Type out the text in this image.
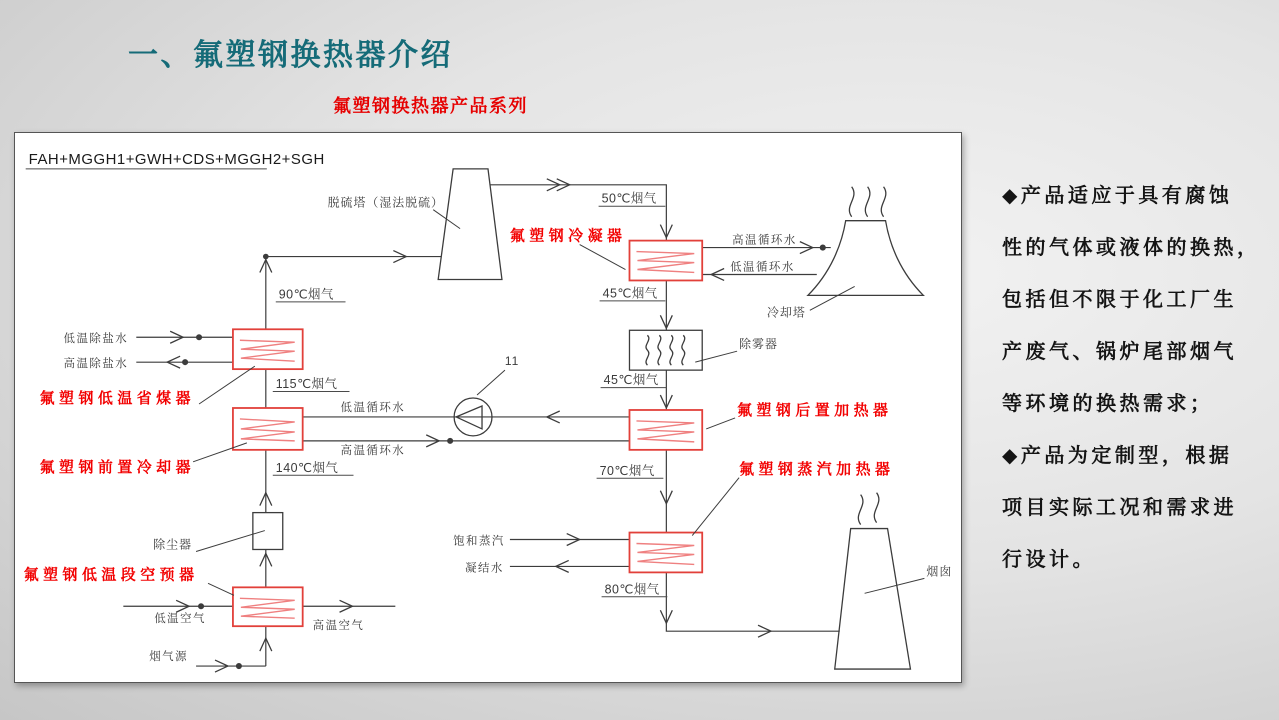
一、氟塑钢换热器介绍
氟塑钢换热器产品系列
FAH+MGGH1+GWH+CDS+MGGH2+SGH
脱硫塔（湿法脱硫）
冷却塔
氟塑钢冷凝器
除雾器
氟塑钢后置加热器
氟塑钢蒸汽加热器
氟塑钢低温省煤器
氟塑钢前置冷却器
除尘器
氟塑钢低温段空预器	烟囱
11
50℃烟气
90℃烟气	45℃烟气
45℃烟气
115℃烟气
140℃烟气	70℃烟气
80℃烟气
高温循环水
低温循环水
低温循环水
高温循环水
低温除盐水
高温除盐水
饱和蒸汽
凝结水
低温空气
高温空气
烟气源
◆产品适应于具有腐蚀
性的气体或液体的换热，
包括但不限于化工厂生
产废气、锅炉尾部烟气
等环境的换热需求；
◆产品为定制型，根据
项目实际工况和需求进
行设计。
